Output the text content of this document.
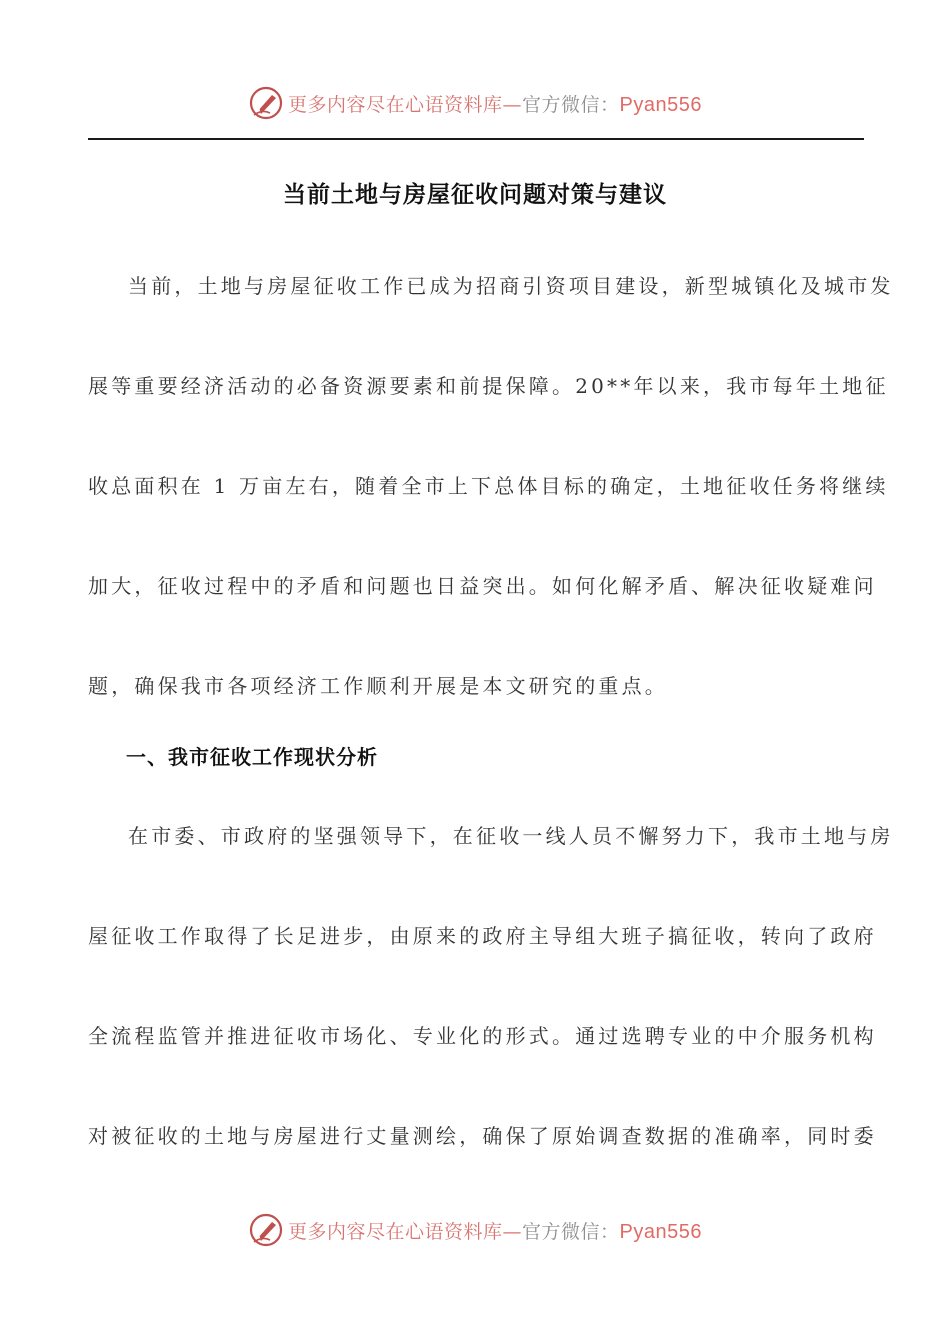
更多内容尽在心语资料库—官方微信：Pyan556
当前土地与房屋征收问题对策与建议
当前，土地与房屋征收工作已成为招商引资项目建设，新型城镇化及城市发
展等重要经济活动的必备资源要素和前提保障。20**年以来，我市每年土地征
收总面积在 1 万亩左右，随着全市上下总体目标的确定，土地征收任务将继续
加大，征收过程中的矛盾和问题也日益突出。如何化解矛盾、解决征收疑难问
题，确保我市各项经济工作顺利开展是本文研究的重点。
一、我市征收工作现状分析
在市委、市政府的坚强领导下，在征收一线人员不懈努力下，我市土地与房
屋征收工作取得了长足进步，由原来的政府主导组大班子搞征收，转向了政府
全流程监管并推进征收市场化、专业化的形式。通过选聘专业的中介服务机构
对被征收的土地与房屋进行丈量测绘，确保了原始调查数据的准确率，同时委
更多内容尽在心语资料库—官方微信：Pyan556
